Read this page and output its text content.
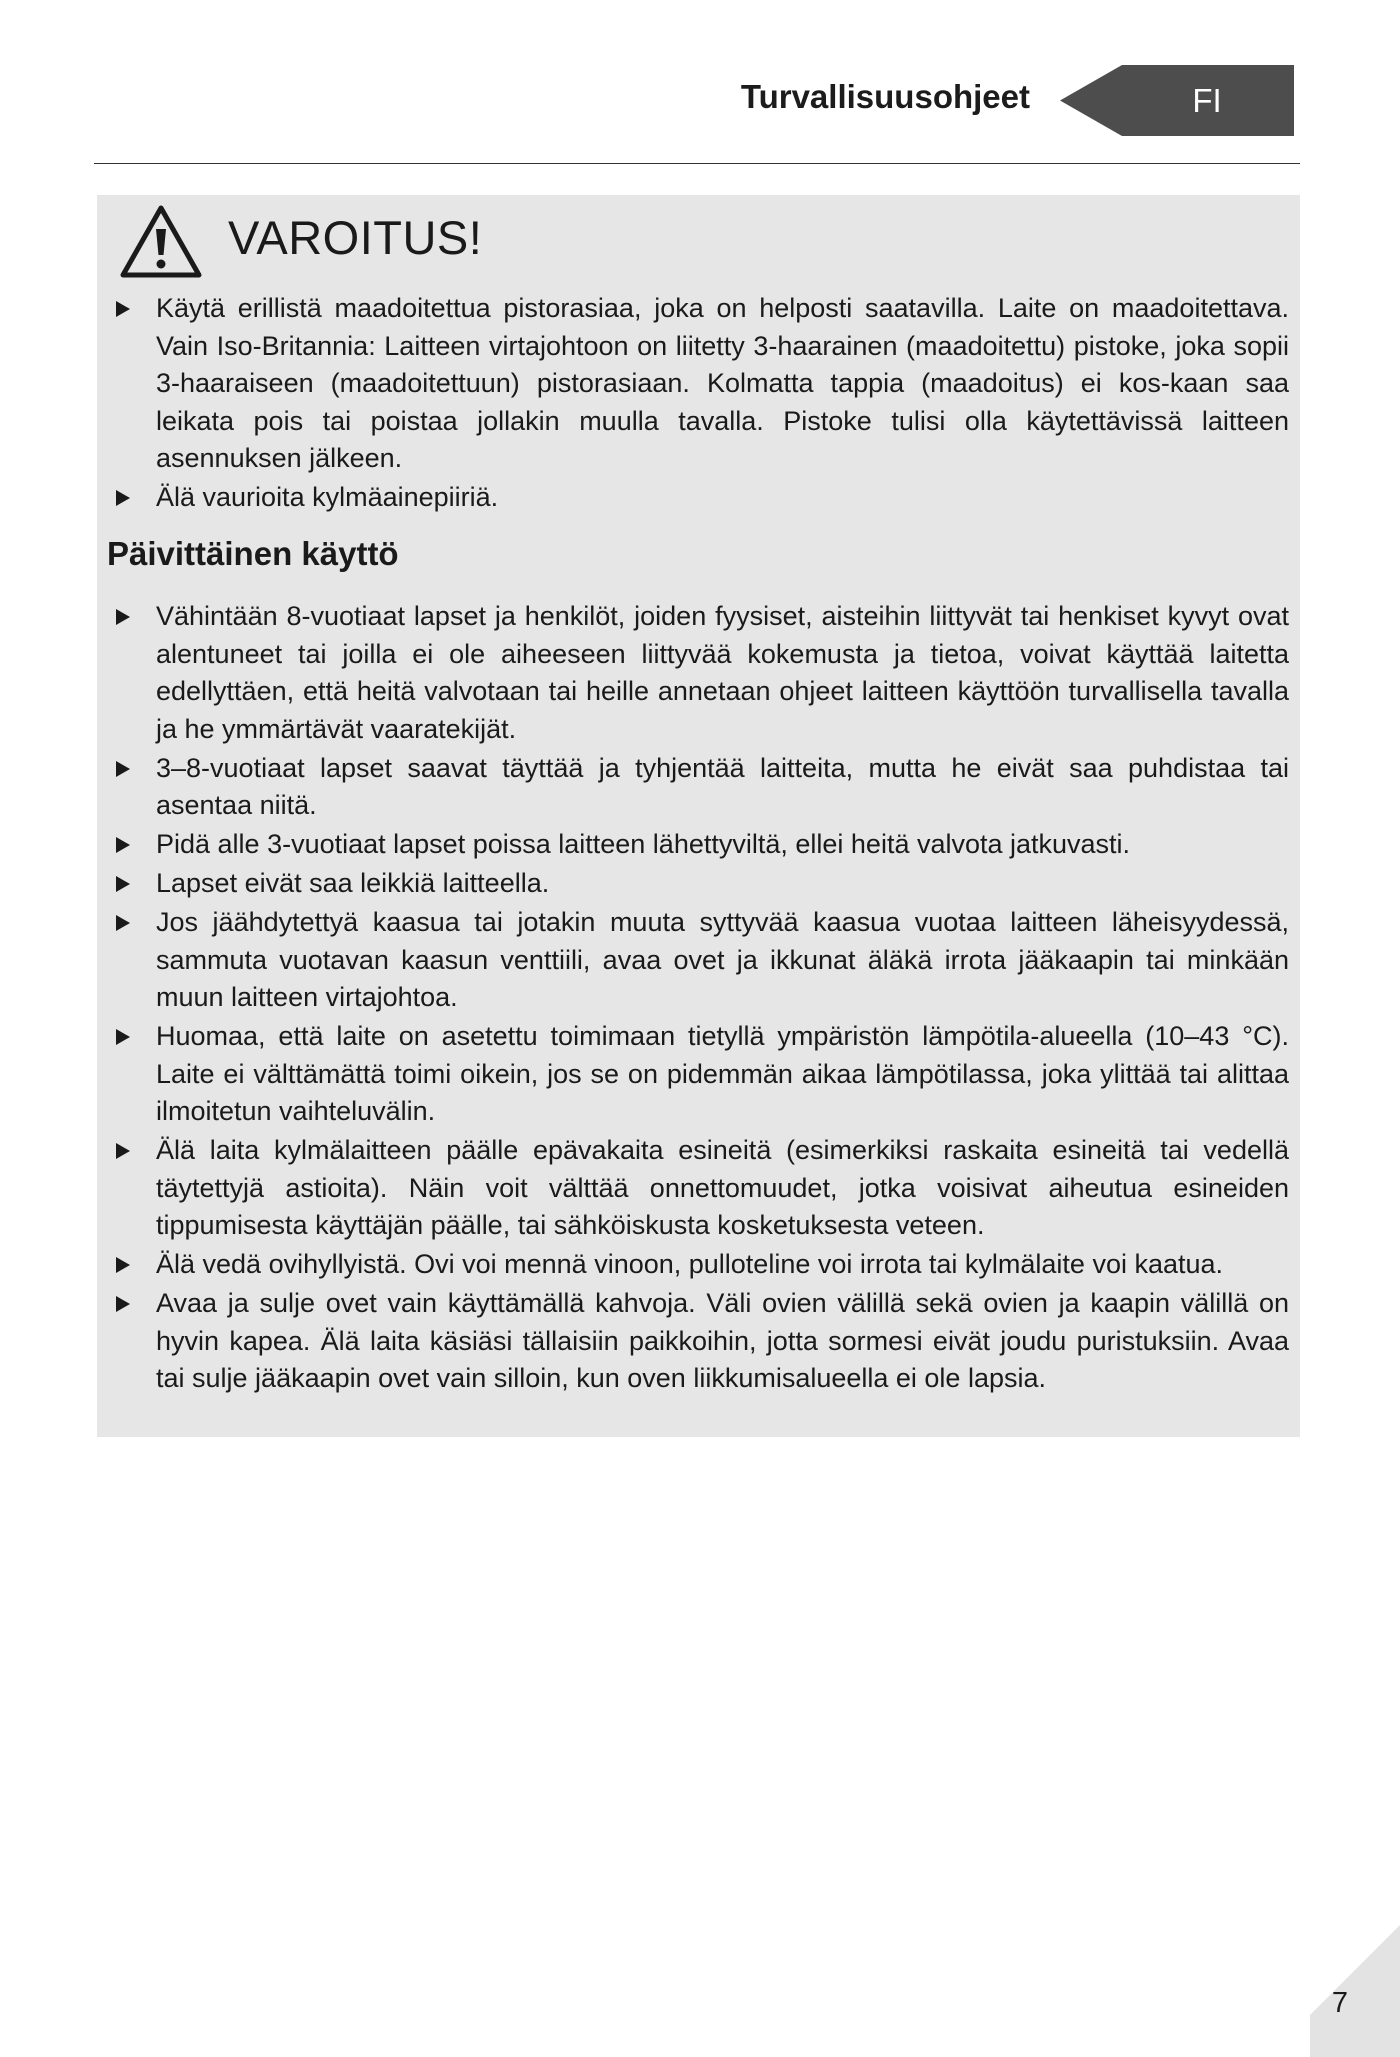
Turvallisuusohjeet	FI
VAROITUS!
Käytä erillistä maadoitettua pistorasiaa, joka on helposti saatavilla. Laite on maadoitettava. Vain Iso-Britannia: Laitteen virtajohtoon on liitetty 3-haarainen (maadoitettu) pistoke, joka sopii 3-haaraiseen (maadoitettuun) pistorasiaan. Kolmatta tappia (maadoitus) ei kos-kaan saa leikata pois tai poistaa jollakin muulla tavalla. Pistoke tulisi olla käytettävissä laitteen asennuksen jälkeen.
Älä vaurioita kylmäainepiiriä.
Päivittäinen käyttö
Vähintään 8-vuotiaat lapset ja henkilöt, joiden fyysiset, aisteihin liittyvät tai henkiset kyvyt ovat alentuneet tai joilla ei ole aiheeseen liittyvää kokemusta ja tietoa, voivat käyttää laitetta edellyttäen, että heitä valvotaan tai heille annetaan ohjeet laitteen käyttöön turvallisella tavalla ja he ymmärtävät vaaratekijät.
3–8-vuotiaat lapset saavat täyttää ja tyhjentää laitteita, mutta he eivät saa puhdistaa tai asentaa niitä.
Pidä alle 3-vuotiaat lapset poissa laitteen lähettyviltä, ellei heitä valvota jatkuvasti.
Lapset eivät saa leikkiä laitteella.
Jos jäähdytettyä kaasua tai jotakin muuta syttyvää kaasua vuotaa laitteen läheisyydessä, sammuta vuotavan kaasun venttiili, avaa ovet ja ikkunat äläkä irrota jääkaapin tai minkään muun laitteen virtajohtoa.
Huomaa, että laite on asetettu toimimaan tietyllä ympäristön lämpötila-alueella (10–43 °C). Laite ei välttämättä toimi oikein, jos se on pidemmän aikaa lämpötilassa, joka ylittää tai alittaa ilmoitetun vaihteluvälin.
Älä laita kylmälaitteen päälle epävakaita esineitä (esimerkiksi raskaita esineitä tai vedellä täytettyjä astioita). Näin voit välttää onnettomuudet, jotka voisivat aiheutua esineiden tippumisesta käyttäjän päälle, tai sähköiskusta kosketuksesta veteen.
Älä vedä ovihyllyistä. Ovi voi mennä vinoon, pulloteline voi irrota tai kylmälaite voi kaatua.
Avaa ja sulje ovet vain käyttämällä kahvoja. Väli ovien välillä sekä ovien ja kaapin välillä on hyvin kapea. Älä laita käsiäsi tällaisiin paikkoihin, jotta sormesi eivät joudu puristuksiin. Avaa tai sulje jääkaapin ovet vain silloin, kun oven liikkumisalueella ei ole lapsia.
7
